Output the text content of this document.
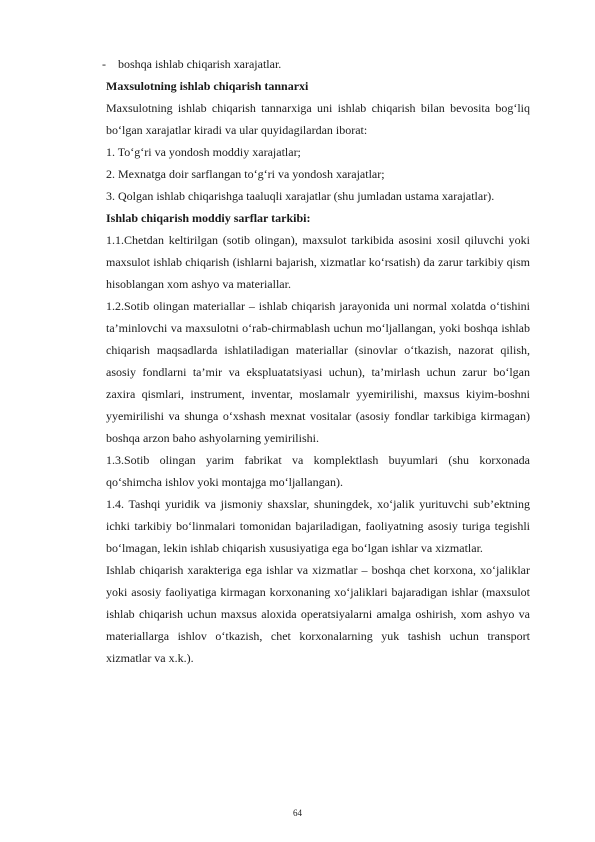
-	boshqa ishlab chiqarish xarajatlar.

Maxsulotning ishlab chiqarish tannarxi

Maxsulotning ishlab chiqarish tannarxiga uni ishlab chiqarish bilan bevosita bog‘liq bo‘lgan xarajatlar kiradi va ular quyidagilardan iborat:

1. To‘g‘ri va yondosh moddiy xarajatlar;

2. Mexnatga doir sarflangan to‘g‘ri va yondosh xarajatlar;

3. Qolgan ishlab chiqarishga taaluqli xarajatlar (shu jumladan ustama xarajatlar).

Ishlab chiqarish moddiy sarflar tarkibi:

1.1.Chetdan keltirilgan (sotib olingan), maxsulot tarkibida asosini xosil qiluvchi yoki maxsulot ishlab chiqarish (ishlarni bajarish, xizmatlar ko‘rsatish) da zarur tarkibiy qism hisoblangan xom ashyo va materiallar.

1.2.Sotib olingan materiallar – ishlab chiqarish jarayonida uni normal xolatda o‘tishini ta’minlovchi va maxsulotni o‘rab-chirmablash uchun mo‘ljallangan, yoki boshqa ishlab chiqarish maqsadlarda ishlatiladigan materiallar (sinovlar o‘tkazish, nazorat qilish, asosiy fondlarni ta’mir va ekspluatatsiyasi uchun), ta’mirlash uchun zarur bo‘lgan zaxira qismlari, instrument, inventar, moslamalr yyemirilishi, maxsus kiyim-boshni yyemirilishi va shunga o‘xshash mexnat vositalar (asosiy fondlar tarkibiga kirmagan) boshqa arzon baho ashyolarning yemirilishi.

1.3.Sotib olingan yarim fabrikat va komplektlash buyumlari (shu korxonada qo‘shimcha ishlov yoki montajga mo‘ljallangan).

1.4. Tashqi yuridik va jismoniy shaxslar, shuningdek, xo‘jalik yurituvchi sub’ektning ichki tarkibiy bo‘linmalari tomonidan bajariladigan, faoliyatning asosiy turiga tegishli bo‘lmagan, lekin ishlab chiqarish xususiyatiga ega bo‘lgan ishlar va xizmatlar.

Ishlab chiqarish xarakteriga ega ishlar va xizmatlar – boshqa chet korxona, xo‘jaliklar yoki asosiy faoliyatiga kirmagan korxonaning xo‘jaliklari bajaradigan ishlar (maxsulot ishlab chiqarish uchun maxsus aloxida operatsiyalarni amalga oshirish, xom ashyo va materiallarga ishlov o‘tkazish, chet korxonalarning yuk tashish uchun transport xizmatlar va x.k.).

64
